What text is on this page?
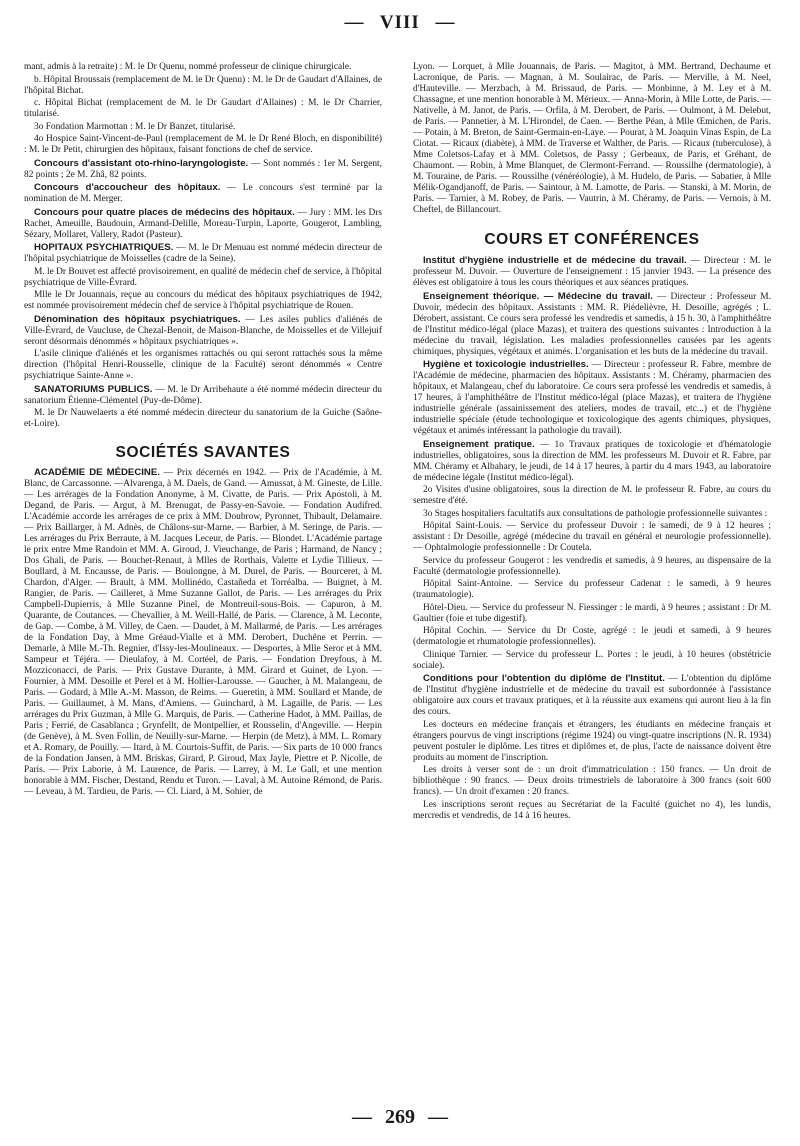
— VIII —

mant, admis à la retraite) : M. le Dr Quenu, nommé professeur de clinique chirurgicale.

b. Hôpital Broussais (remplacement de M. le Dr Quenu) : M. le Dr de Gaudart d'Allaines, de l'hôpital Bichat.

c. Hôpital Bichat (remplacement de M. le Dr Gaudart d'Allaines) : M. le Dr Charrier, titularisé.

3o Fondation Marmottan : M. le Dr Banzet, titularisé.

4o Hospice Saint-Vincent-de-Paul (remplacement de M. le Dr René Bloch, en disponibilité) : M. le Dr Petit, chirurgien des hôpitaux, faisant fonctions de chef de service.

Concours d'assistant oto-rhino-laryngologiste. — Sont nommés : 1er M. Sergent, 82 points ; 2e M. Zhâ, 82 points.

Concours d'accoucheur des hôpitaux. — Le concours s'est terminé par la nomination de M. Merger.

Concours pour quatre places de médecins des hôpitaux. — Jury : MM. les Drs Rachet, Ameuille, Baudouin, Armand-Delille, Moreau-Turpin, Laporte, Gougerot, Lambling, Sézary, Mollaret, Vallery, Radot (Pasteur).

HOPITAUX PSYCHIATRIQUES. — M. le Dr Menuau est nommé médecin directeur de l'hôpital psychiatrique de Moisselles (cadre de la Seine).

M. le Dr Bouvet est affecté provisoirement, en qualité de médecin chef de service, à l'hôpital psychiatrique de Ville-Évrard.

Mlle le Dr Jouannais, reçue au concours du médicat des hôpitaux psychiatriques de 1942, est nommée provisoirement médecin chef de service à l'hôpital psychiatrique de Rouen.

Dénomination des hôpitaux psychiatriques. — Les asiles publics d'aliénés de Ville-Évrard, de Vaucluse, de Chezal-Benoit, de Maison-Blanche, de Moisselles et de Villejuif seront désormais dénommés « hôpitaux psychiatriques ».

L'asile clinique d'aliénés et les organismes rattachés ou qui seront rattachés sous la même direction (l'hôpital Henri-Rousselle, clinique de la Faculté) seront dénommés « Centre psychiatrique Sainte-Anne ».

SANATORIUMS PUBLICS. — M. le Dr Arribehaute a été nommé médecin directeur du sanatorium Étienne-Clémentel (Puy-de-Dôme).

M. le Dr Nauwelaerts a été nommé médecin directeur du sanatorium de la Guiche (Saône-et-Loire).

SOCIÉTÉS SAVANTES

ACADÉMIE DE MÉDECINE. — Prix décernés en 1942. — Prix de l'Académie, à M. Blanc, de Carcassonne. —Alvarenga, à M. Daels, de Gand. — Amussat, à M. Gineste, de Lille. — Les arrérages de la Fondation Anonyme, à M. Civatte, de Paris. — Prix Apostoli, à M. Degand, de Paris. — Argut, à M. Brenugat, de Passy-en-Savoie. — Fondation Audifred. L'Académie accorde les arrérages de ce prix à MM. Doubrow, Pyronnet, Thibault, Delamaire. — Prix Baillarger, à M. Adnès, de Châlons-sur-Marne. — Barbier, à M. Seringe, de Paris. — Les arrérages du Prix Berraute, à M. Jacques Leceur, de Paris. — Blondet. L'Académie partage le prix entre Mme Randoin et MM. A. Giroud, J. Vieuchange, de Paris ; Harmand, de Nancy ; Dos Ghali, de Paris. — Bouchet-Renaut, à Mlles de Rorthais, Valette et Lydie Tillieux. — Boullard, à M. Encausse, de Paris. — Boulongne, à M. Durel, de Paris. — Bourceret, à M. Chardon, d'Alger. — Brault, à MM. Mollinédo, Castañeda et Torréalba. — Buignet, à M. Rangier, de Paris. — Cailleret, à Mme Suzanne Gallot, de Paris. — Les arrérages du Prix Campbell-Dupierris, à Mlle Suzanne Pinel, de Montreuil-sous-Bois. — Capuron, à M. Quarante, de Coutances. — Chevallier, à M. Weill-Hallé, de Paris. — Clarence, à M. Leconte, de Gap. — Combe, à M. Villey, de Caen. — Daudet, à M. Mallarmé, de Paris. — Les arrérages de la Fondation Day, à Mme Gréaud-Vialle et à MM. Derobert, Duchêne et Perrin. — Demarle, à Mlle M.-Th. Regnier, d'Issy-les-Moulineaux. — Desportes, à Mlle Seror et à MM. Sampeur et Téjéra. — Dieulafoy, à M. Cortéel, de Paris. — Fondation Dreyfous, à M. Mozziconacci, de Paris. — Prix Gustave Durante, à MM. Girard et Guinet, de Lyon. — Fournier, à MM. Desoille et Perel et à M. Hollier-Larousse. — Gaucher, à M. Malangeau, de Paris. — Godard, à Mlle A.-M. Masson, de Reims. — Gueretin, à MM. Soullard et Mande, de Paris. — Guillaumet, à M. Mans, d'Amiens. — Guinchard, à M. Lagaille, de Paris. — Les arrérages du Prix Guzman, à Mlle G. Marquis, de Paris. — Catherine Hadot, à MM. Paillas, de Paris ; Ferrié, de Casablanca ; Grynfellt, de Montpellier, et Rousselin, d'Angeville. — Herpin (de Genève), à M. Sven Follin, de Neuilly-sur-Marne. — Herpin (de Metz), à MM. L. Romary et A. Romary, de Pouilly. — Itard, à M. Courtois-Suffit, de Paris. — Six parts de 10 000 francs de la Fondation Jansen, à MM. Briskas, Girard, P. Giroud, Max Jayle, Piettre et P. Nicolle, de Paris. — Prix Laborie, à M. Laurence, de Paris. — Larrey, à M. Le Gall, et une mention honorable à MM. Fischer, Destand, Rendu et Turon. — Laval, à M. Autoine Rémond, de Paris. — Leveau, à M. Tardieu, de Paris. — Cl. Liard, à M. Sohier, de

Lyon. — Lorquet, à Mlle Jouannais, de Paris. — Magitot, à MM. Bertrand, Dechaume et Lacronique, de Paris. — Magnan, à M. Soulairac, de Paris. — Merville, à M. Neel, d'Hauteville. — Merzbach, à M. Brissaud, de Paris. — Monbinne, à M. Ley et à M. Chassagne, et une mention honorable à M. Mérieux. — Anna-Morin, à Mlle Lotte, de Paris. — Nativelle, à M. Janot, de Paris. — Orfila, à M. Derobert, de Paris. — Oulmont, à M. Delebut, de Paris. — Pannetier, à M. L'Hirondel, de Caen. — Berthe Péan, à Mlle Œmichen, de Paris. — Potain, à M. Breton, de Saint-Germain-en-Laye. — Pourat, à M. Joaquin Vinas Espin, de La Ciotat. — Ricaux (diabète), à MM. de Traverse et Walther, de Paris. — Ricaux (tuberculose), à Mme Coletsos-Lafay et à MM. Coletsos, de Passy ; Gerbeaux, de Paris, et Gréhant, de Chaumont. — Robin, à Mme Blanquet, de Clermont-Ferrand. — Roussilhe (dermatologie), à M. Touraine, de Paris. — Roussilhe (vénéréologie), à M. Hudelo, de Paris. — Sabatier, à Mlle Mélik-Ogandjanoff, de Paris. — Saintour, à M. Lamotte, de Paris. — Stanski, à M. Morin, de Paris. — Tarnier, à M. Robey, de Paris. — Vautrin, à M. Chéramy, de Paris. — Vernois, à M. Cheftel, de Billancourt.

COURS ET CONFÉRENCES

Institut d'hygiène industrielle et de médecine du travail. — Directeur : M. le professeur M. Duvoir. — Ouverture de l'enseignement : 15 janvier 1943. — La présence des élèves est obligatoire à tous les cours théoriques et aux séances pratiques.

Enseignement théorique. — Médecine du travail. — Directeur : Professeur M. Duvoir, médecin des hôpitaux. Assistants : MM. R. Piédelièvre, H. Desoille, agrégés ; L. Dérobert, assistant. Ce cours sera professé les vendredis et samedis, à 15 h. 30, à l'amphithéâtre de l'Institut médico-légal (place Mazas), et traitera des questions suivantes : Introduction à la médecine du travail, législation. Les maladies professionnelles causées par les agents chimiques, physiques, végétaux et animés. L'organisation et les buts de la médecine du travail.

Hygiène et toxicologie industrielles. — Directeur : professeur R. Fabre, membre de l'Académie de médecine, pharmacien des hôpitaux. Assistants : M. Chéramy, pharmacien des hôpitaux, et Malangeau, chef du laboratoire. Ce cours sera professé les vendredis et samedis, à 17 heures, à l'amphithéâtre de l'Institut médico-légal (place Mazas), et traitera de l'hygiène industrielle générale (assainissement des ateliers, modes de travail, etc...) et de l'hygiène industrielle spéciale (étude technologique et toxicologique des agents chimiques, physiques, végétaux et animés intéressant la pathologie du travail).

Enseignement pratique. — 1o Travaux pratiques de toxicologie et d'hématologie industrielles, obligatoires, sous la direction de MM. les professeurs M. Duvoir et R. Fabre, par MM. Chéramy et Albahary, le jeudi, de 14 à 17 heures, à partir du 4 mars 1943, au laboratoire de médecine légale (Institut médico-légal).

2o Visites d'usine obligatoires, sous la direction de M. le professeur R. Fabre, au cours du semestre d'été.

3o Stages hospitaliers facultatifs aux consultations de pathologie professionnelle suivantes :

Hôpital Saint-Louis. — Service du professeur Duvoir : le samedi, de 9 à 12 heures ; assistant : Dr Desoille, agrégé (médecine du travail en général et neurologie professionnelle). — Ophtalmologie professionnelle : Dr Coutela.

Service du professeur Gougerot : les vendredis et samedis, à 9 heures, au dispensaire de la Faculté (dermatologie professionnelle).

Hôpital Saint-Antoine. — Service du professeur Cadenat : le samedi, à 9 heures (traumatologie).

Hôtel-Dieu. — Service du professeur N. Fiessinger : le mardi, à 9 heures ; assistant : Dr M. Gaultier (foie et tube digestif).

Hôpital Cochin. — Service du Dr Coste, agrégé : le jeudi et samedi, à 9 heures (dermatologie et rhumatologie professionnelles).

Clinique Tarnier. — Service du professeur L. Portes : le jeudi, à 10 heures (obstétricie sociale).

Conditions pour l'obtention du diplôme de l'Institut. — L'obtention du diplôme de l'Institut d'hygiène industrielle et de médecine du travail est subordonnée à l'assistance obligatoire aux cours et travaux pratiques, et à la réussite aux examens qui auront lieu à la fin des cours.

Les docteurs en médecine français et étrangers, les étudiants en médecine français et étrangers pourvus de vingt inscriptions (régime 1924) ou vingt-quatre inscriptions (N. R. 1934) peuvent postuler le diplôme. Les titres et diplômes et, de plus, l'acte de naissance doivent être produits au moment de l'inscription.

Les droits à verser sont de : un droit d'immatriculation : 150 francs. — Un droit de bibliothèque : 90 francs. — Deux droits trimestriels de laboratoire à 300 francs (soit 600 francs). — Un droit d'examen : 20 francs.

Les inscriptions seront reçues au Secrétariat de la Faculté (guichet no 4), les lundis, mercredis et vendredis, de 14 à 16 heures.

— 269 —
